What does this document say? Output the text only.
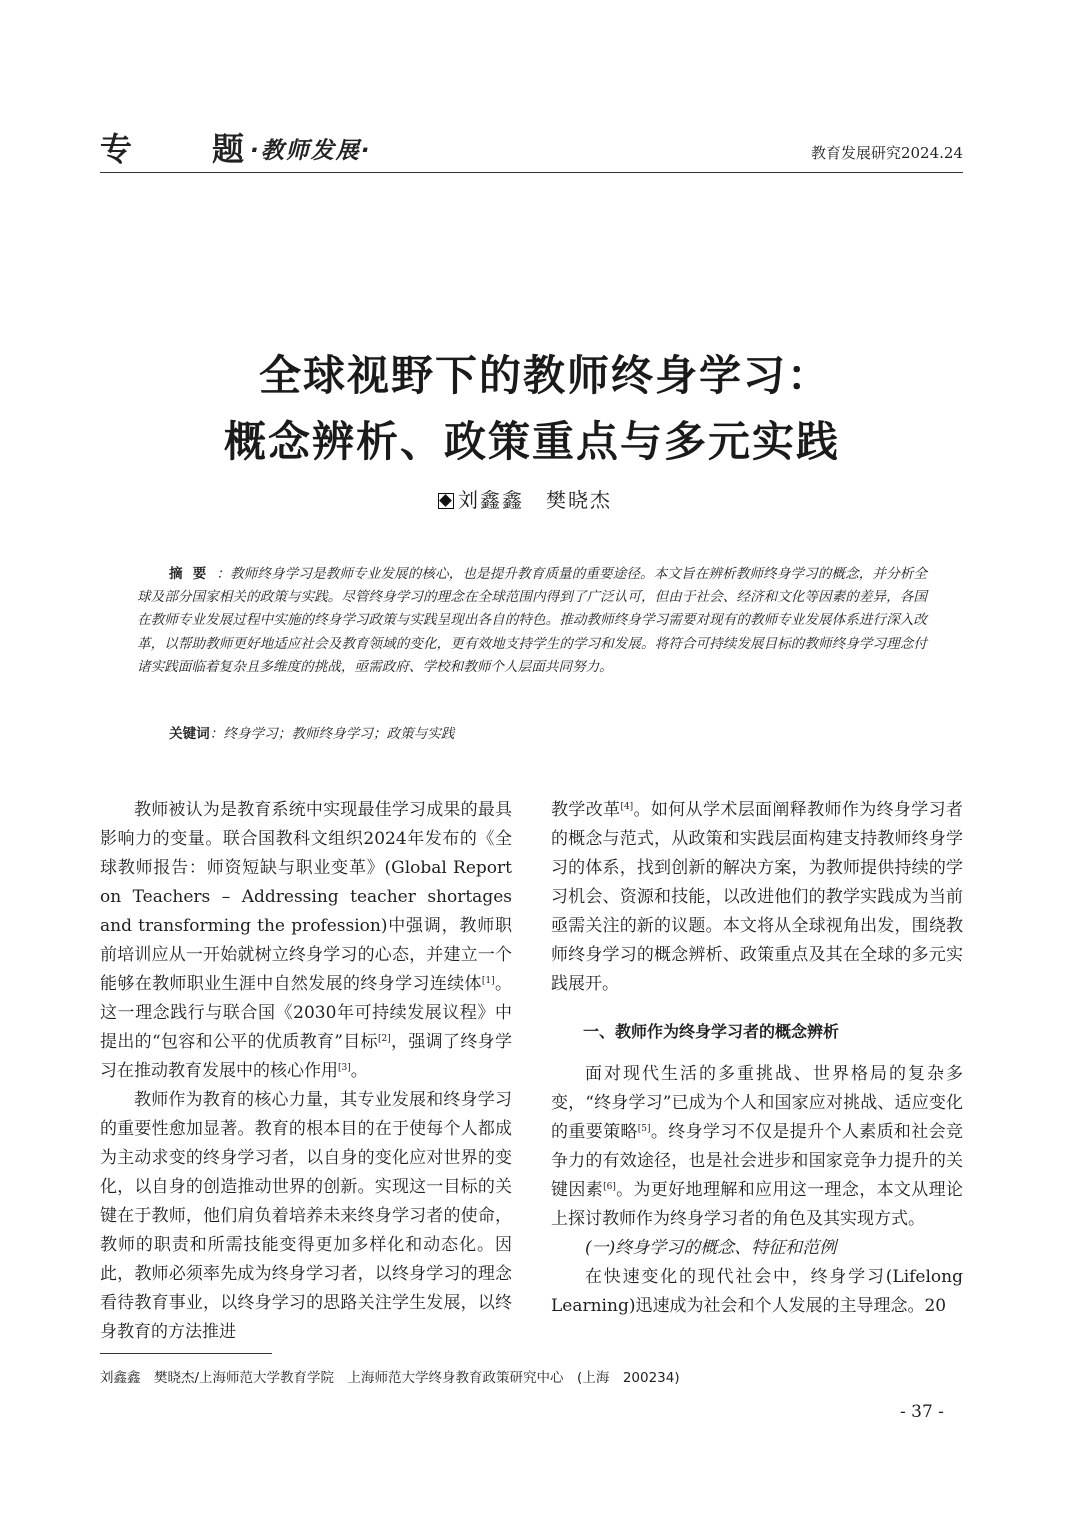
专 题 ·教师发展·	教育发展研究2024.24
全球视野下的教师终身学习：
概念辨析、政策重点与多元实践
刘鑫鑫　樊晓杰
摘要：教师终身学习是教师专业发展的核心，也是提升教育质量的重要途径。本文旨在辨析教师终身学习的概念，并分析全球及部分国家相关的政策与实践。尽管终身学习的理念在全球范围内得到了广泛认可，但由于社会、经济和文化等因素的差异，各国在教师专业发展过程中实施的终身学习政策与实践呈现出各自的特色。推动教师终身学习需要对现有的教师专业发展体系进行深入改革，以帮助教师更好地适应社会及教育领域的变化，更有效地支持学生的学习和发展。将符合可持续发展目标的教师终身学习理念付诸实践面临着复杂且多维度的挑战，亟需政府、学校和教师个人层面共同努力。
关键词：终身学习；教师终身学习；政策与实践

教师被认为是教育系统中实现最佳学习成果的最具影响力的变量。联合国教科文组织2024年发布的《全球教师报告：师资短缺与职业变革》(Global Report on Teachers – Addressing teacher shortages and transforming the profession)中强调，教师职前培训应从一开始就树立终身学习的心态，并建立一个能够在教师职业生涯中自然发展的终身学习连续体[1]。这一理念践行与联合国《2030年可持续发展议程》中提出的“包容和公平的优质教育”目标[2]，强调了终身学习在推动教育发展中的核心作用[3]。

教师作为教育的核心力量，其专业发展和终身学习的重要性愈加显著。教育的根本目的在于使每个人都成为主动求变的终身学习者，以自身的变化应对世界的变化，以自身的创造推动世界的创新。实现这一目标的关键在于教师，他们肩负着培养未来终身学习者的使命，教师的职责和所需技能变得更加多样化和动态化。因此，教师必须率先成为终身学习者，以终身学习的理念看待教育事业，以终身学习的思路关注学生发展，以终身教育的方法推进

教学改革[4]。如何从学术层面阐释教师作为终身学习者的概念与范式，从政策和实践层面构建支持教师终身学习的体系，找到创新的解决方案，为教师提供持续的学习机会、资源和技能，以改进他们的教学实践成为当前亟需关注的新的议题。本文将从全球视角出发，围绕教师终身学习的概念辨析、政策重点及其在全球的多元实践展开。

一、教师作为终身学习者的概念辨析

面对现代生活的多重挑战、世界格局的复杂多变，“终身学习”已成为个人和国家应对挑战、适应变化的重要策略[5]。终身学习不仅是提升个人素质和社会竞争力的有效途径，也是社会进步和国家竞争力提升的关键因素[6]。为更好地理解和应用这一理念，本文从理论上探讨教师作为终身学习者的角色及其实现方式。

(一)终身学习的概念、特征和范例

在快速变化的现代社会中，终身学习(Lifelong Learning)迅速成为社会和个人发展的主导理念。20

刘鑫鑫　樊晓杰/上海师范大学教育学院　上海师范大学终身教育政策研究中心　(上海　200234)
- 37 -
